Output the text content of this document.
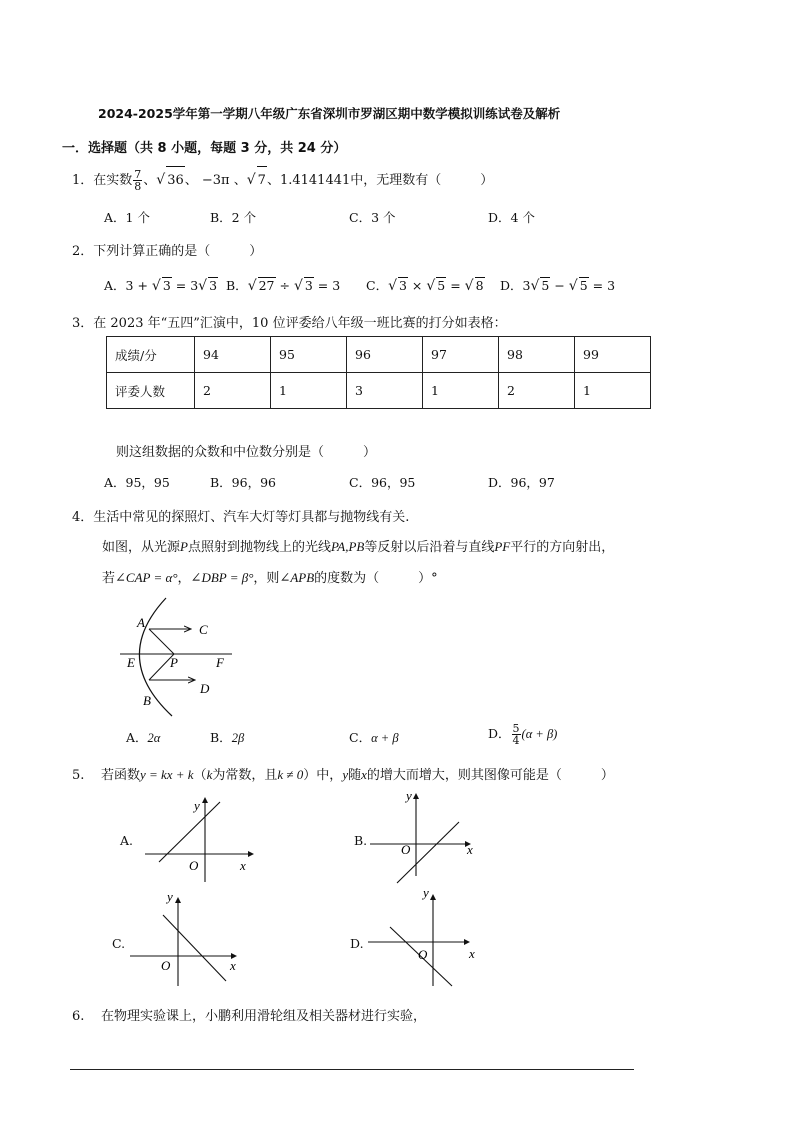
2024-2025学年第一学期八年级广东省深圳市罗湖区期中数学模拟训练试卷及解析
一．选择题（共 8 小题，每题 3 分，共 24 分）
1．在实数 $\frac{7}{8}$ 、√ 36、 −3π 、√ 7、1.4141441中，无理数有（　　　）
A．1 个	B．2 个	C．3 个	D．4 个
2．下列计算正确的是（　　　）
A．3 + √ 3 = 3√ 3 B．√ 27 ÷ √ 3 = 3 C．√ 3 × √ 5 = √ 8 D．3√ 5 − √ 5 = 3
3．在 2023 年“五四”汇演中，10 位评委给八年级一班比赛的打分如表格：
成绩/分	94	95	96	97	98	99
评委人数	2	1	3	1	2	1
则这组数据的众数和中位数分别是（　　　）
A．95，95	B．96，96	C．96，95	D．96，97
4．生活中常见的探照灯、汽车大灯等灯具都与抛物线有关.
如图，从光源P点照射到抛物线上的光线PA,PB等反射以后沿着与直线PF平行的方向射出，
若∠CAP = α°，∠DBP = β°，则∠APB的度数为（　　　）°
A	C
E	P	F
B
D
A．2α	B．2β	C．α + β	D． $\frac{5}{4} (\alpha + \beta)$
5. 若函数y = kx + k（k为常数，且k ≠ 0）中，y随x的增大而增大，则其图像可能是（　　　）
A.	B.
C.	D.
y
x
O
y
x
O
y
x
O
y
x
O
6. 在物理实验课上，小鹏利用滑轮组及相关器材进行实验，
